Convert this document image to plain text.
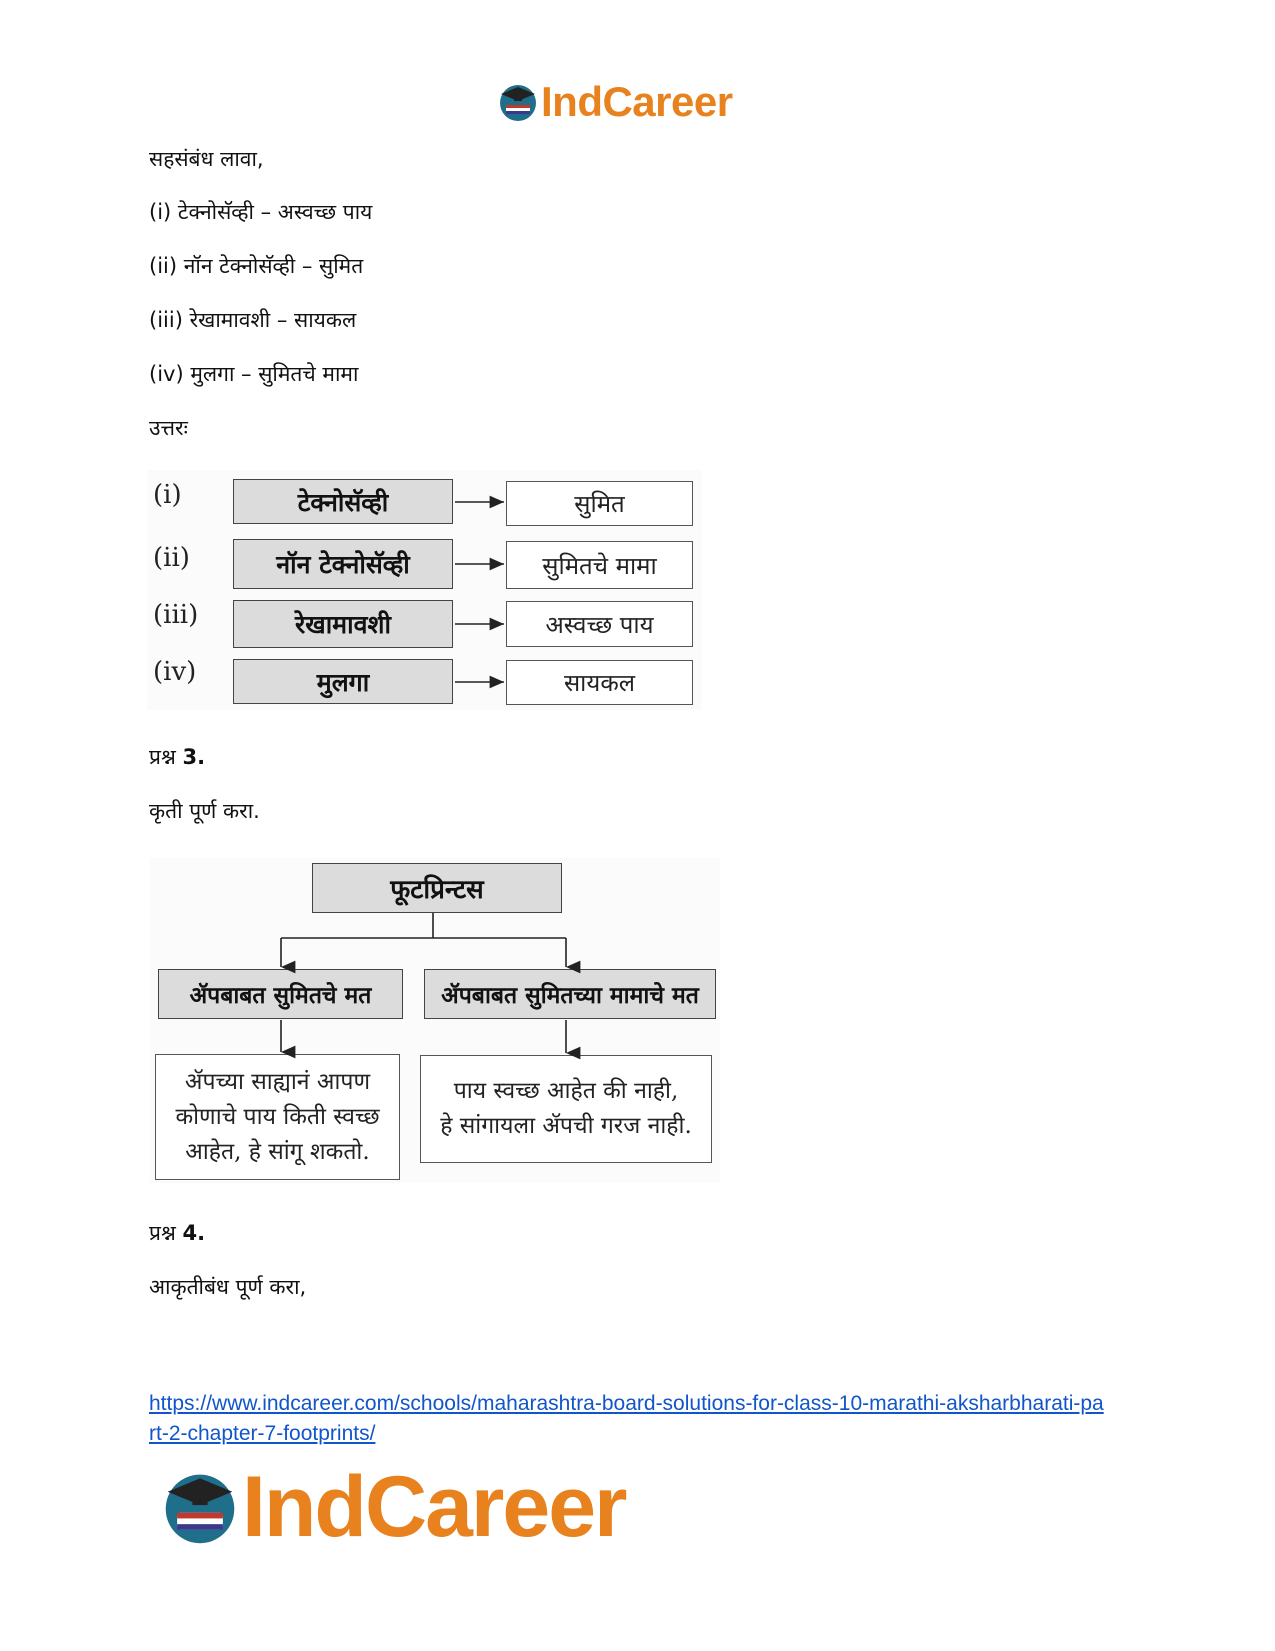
IndCareer
सहसंबंध लावा,
(i) टेक्नोसॅव्ही – अस्वच्छ पाय
(ii) नॉन टेक्नोसॅव्ही – सुमित
(iii) रेखामावशी – सायकल
(iv) मुलगा – सुमितचे मामा
उत्तरः
(i)
(ii)
(iii)
(iv)
टेक्नोसॅव्ही
नॉन टेक्नोसॅव्ही
रेखामावशी
मुलगा
सुमित
सुमितचे मामा
अस्वच्छ पाय
सायकल
प्रश्न 3.
कृती पूर्ण करा.
फूटप्रिन्टस
ॲपबाबत सुमितचे मत	ॲपबाबत सुमितच्या मामाचे मत
ॲपच्या साह्यानं आपण
कोणाचे पाय किती स्वच्छ
आहेत, हे सांगू शकतो.
पाय स्वच्छ आहेत की नाही,
हे सांगायला ॲपची गरज नाही.
प्रश्न 4.
आकृतीबंध पूर्ण करा,
https://www.indcareer.com/schools/maharashtra-board-solutions-for-class-10-marathi-aksharbharati-part-2-chapter-7-footprints/
IndCareer
